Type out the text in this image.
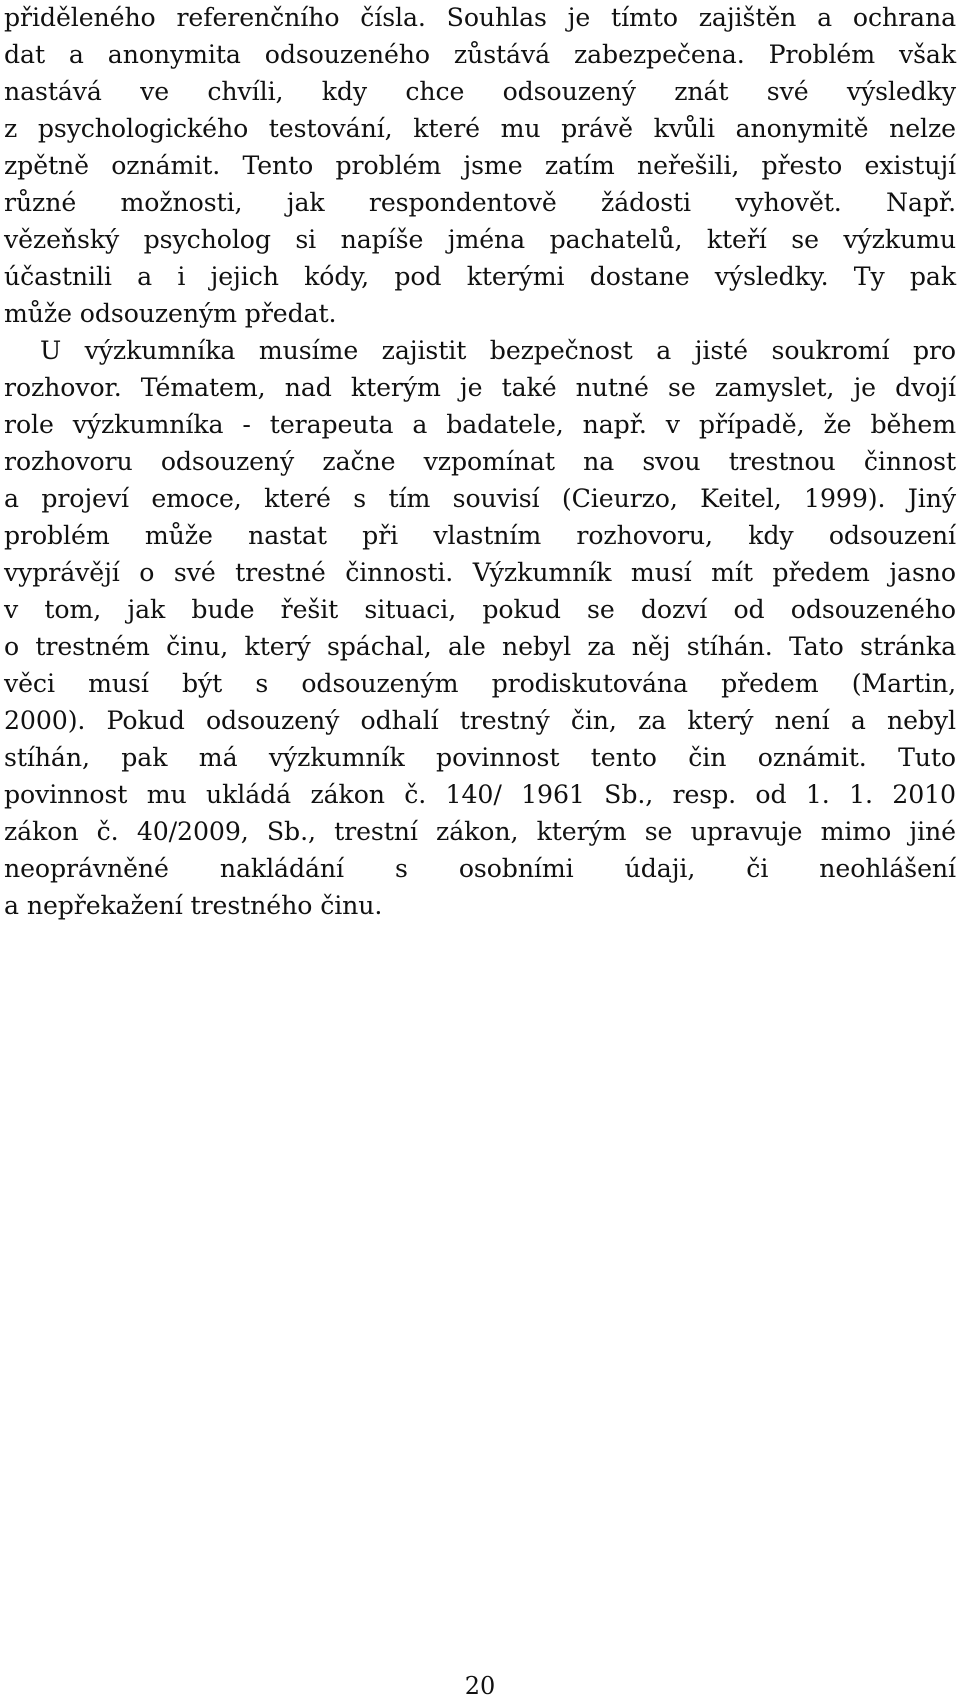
přiděleného referenčního čísla. Souhlas je tímto zajištěn a ochrana
dat a anonymita odsouzeného zůstává zabezpečena. Problém však
nastává ve chvíli, kdy chce odsouzený znát své výsledky
z psychologického testování, které mu právě kvůli anonymitě nelze
zpětně oznámit. Tento problém jsme zatím neřešili, přesto existují
různé možnosti, jak respondentově žádosti vyhovět. Např.
vězeňský psycholog si napíše jména pachatelů, kteří se výzkumu
účastnili a i jejich kódy, pod kterými dostane výsledky. Ty pak
může odsouzeným předat.
U výzkumníka musíme zajistit bezpečnost a jisté soukromí pro
rozhovor. Tématem, nad kterým je také nutné se zamyslet, je dvojí
role výzkumníka - terapeuta a badatele, např. v případě, že během
rozhovoru odsouzený začne vzpomínat na svou trestnou činnost
a projeví emoce, které s tím souvisí (Cieurzo, Keitel, 1999). Jiný
problém může nastat při vlastním rozhovoru, kdy odsouzení
vyprávějí o své trestné činnosti. Výzkumník musí mít předem jasno
v tom, jak bude řešit situaci, pokud se dozví od odsouzeného
o trestném činu, který spáchal, ale nebyl za něj stíhán. Tato stránka
věci musí být s odsouzeným prodiskutována předem (Martin,
2000). Pokud odsouzený odhalí trestný čin, za který není a nebyl
stíhán, pak má výzkumník povinnost tento čin oznámit. Tuto
povinnost mu ukládá zákon č. 140/ 1961 Sb., resp. od 1. 1. 2010
zákon č. 40/2009, Sb., trestní zákon, kterým se upravuje mimo jiné
neoprávněné nakládání s osobními údaji, či neohlášení
a nepřekažení trestného činu.
20
